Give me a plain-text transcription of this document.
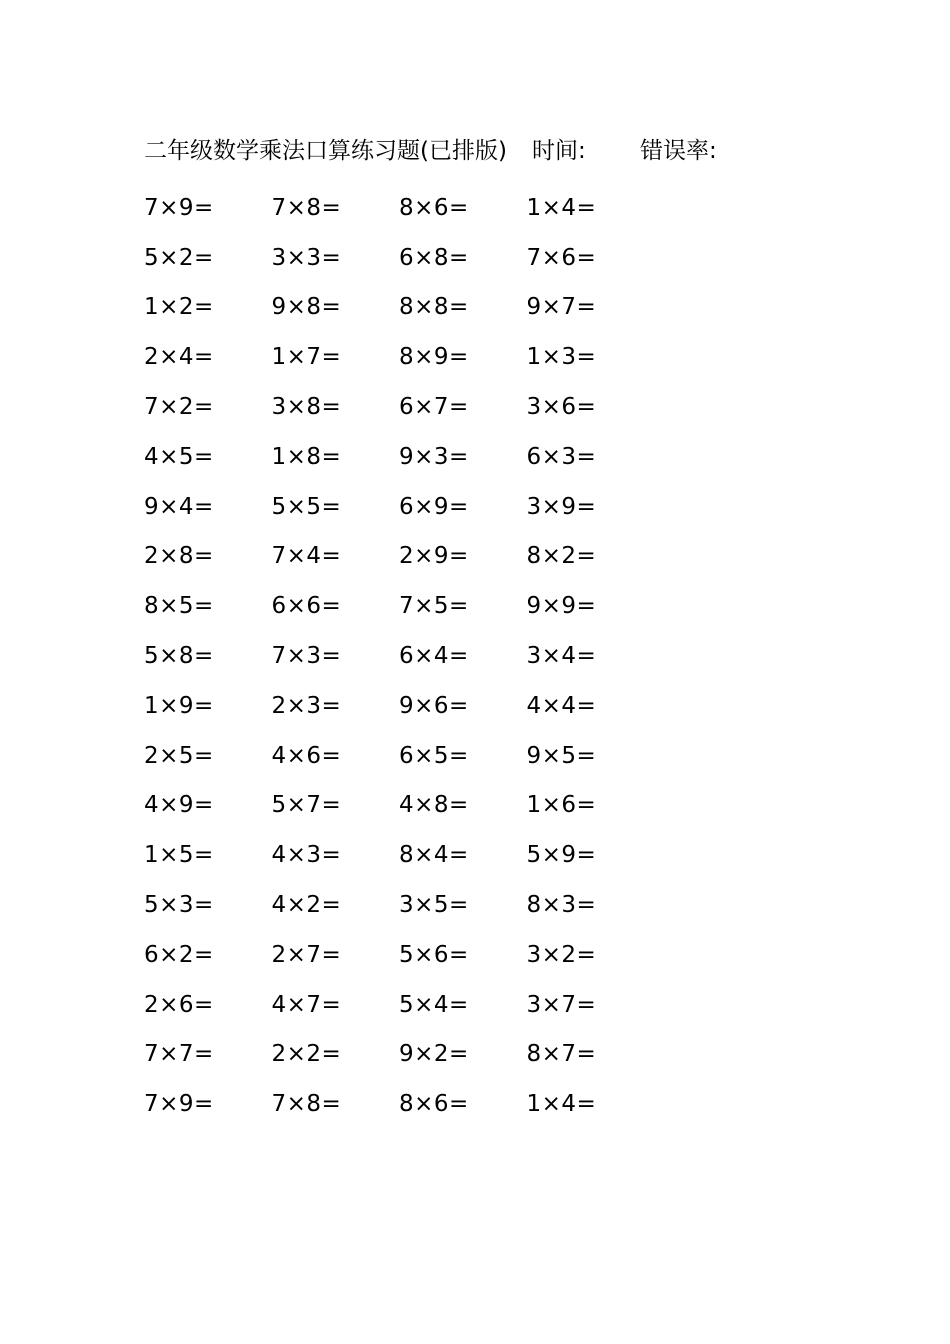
二年级数学乘法口算练习题(已排版) 时间: 错误率:
7×9=	7×8=	8×6=	1×4=
5×2=	3×3=	6×8=	7×6=
1×2=	9×8=	8×8=	9×7=
2×4=	1×7=	8×9=	1×3=
7×2=	3×8=	6×7=	3×6=
4×5=	1×8=	9×3=	6×3=
9×4=	5×5=	6×9=	3×9=
2×8=	7×4=	2×9=	8×2=
8×5=	6×6=	7×5=	9×9=
5×8=	7×3=	6×4=	3×4=
1×9=	2×3=	9×6=	4×4=
2×5=	4×6=	6×5=	9×5=
4×9=	5×7=	4×8=	1×6=
1×5=	4×3=	8×4=	5×9=
5×3=	4×2=	3×5=	8×3=
6×2=	2×7=	5×6=	3×2=
2×6=	4×7=	5×4=	3×7=
7×7=	2×2=	9×2=	8×7=
7×9=	7×8=	8×6=	1×4=
